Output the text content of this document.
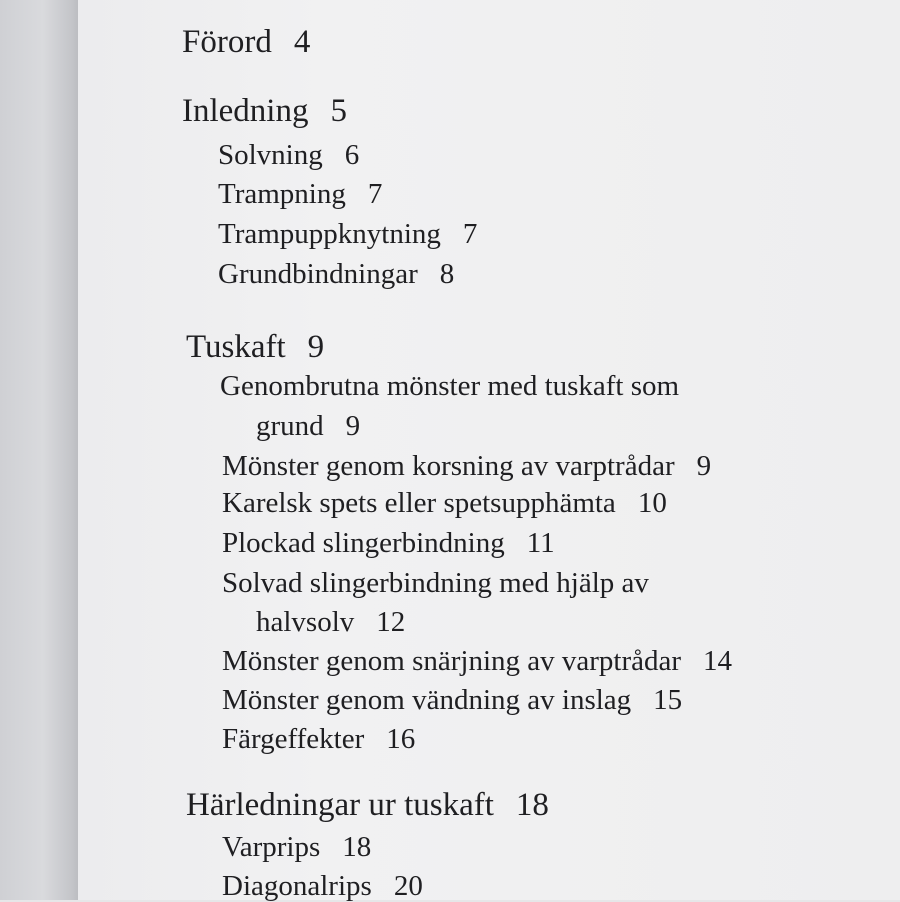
Förord 4
Inledning 5
Solvning 6
Trampning 7
Trampuppknytning 7
Grundbindningar 8
Tuskaft 9
Genombrutna mönster med tuskaft som
grund 9
Mönster genom korsning av varptrådar 9
Karelsk spets eller spetsupphämta 10
Plockad slingerbindning 11
Solvad slingerbindning med hjälp av
halvsolv 12
Mönster genom snärjning av varptrådar 14
Mönster genom vändning av inslag 15
Färgeffekter 16
Härledningar ur tuskaft 18
Varprips 18
Diagonalrips 20
